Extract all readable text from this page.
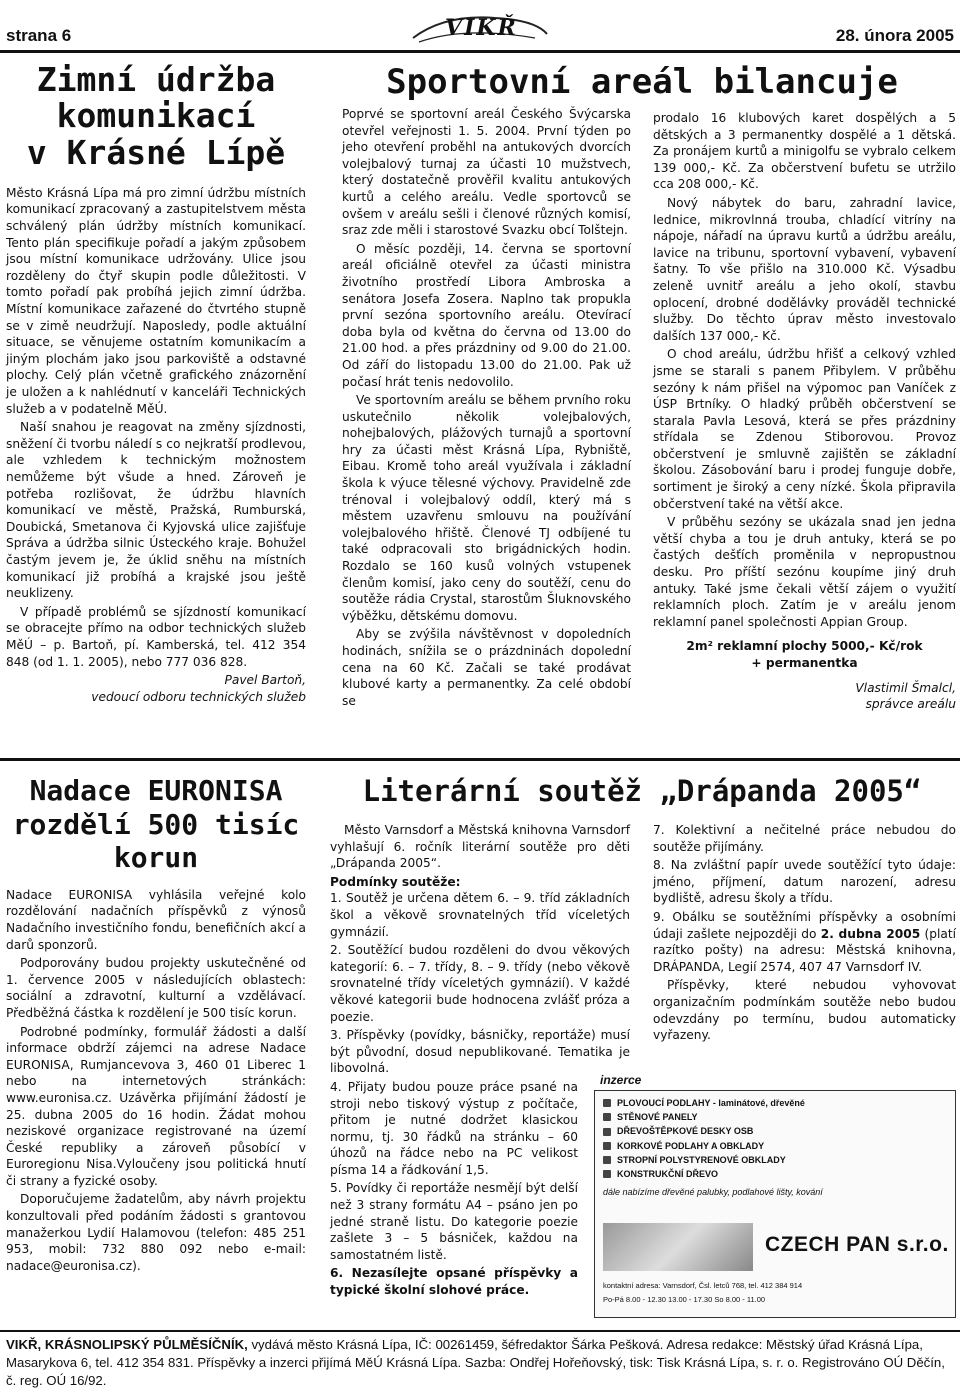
strana 6	VIKŘ	28. února 2005
Zimní údržba
komunikací
v Krásné Lípě

Město Krásná Lípa má pro zimní údržbu místních komunikací zpracovaný a zastupitelstvem města schválený plán údržby místních komunikací. Tento plán specifikuje pořadí a jakým způsobem jsou místní komunikace udržovány. Ulice jsou rozděleny do čtyř skupin podle důležitosti. V tomto pořadí pak probíhá jejich zimní údržba. Místní komunikace zařazené do čtvrtého stupně se v zimě neudržují. Naposledy, podle aktuální situace, se věnujeme ostatním komunikacím a jiným plochám jako jsou parkoviště a odstavné plochy. Celý plán včetně grafického znázornění je uložen a k nahlédnutí v kanceláři Technických služeb a v podatelně MěÚ.

Naší snahou je reagovat na změny sjízdnosti, sněžení či tvorbu náledí s co nejkratší prodlevou, ale vzhledem k technickým možnostem nemůžeme být všude a hned. Zároveň je potřeba rozlišovat, že údržbu hlavních komunikací ve městě, Pražská, Rumburská, Doubická, Smetanova či Kyjovská ulice zajišťuje Správa a údržba silnic Ústeckého kraje. Bohužel častým jevem je, že úklid sněhu na místních komunikací již probíhá a krajské jsou ještě neuklizeny.

V případě problémů se sjízdností komunikací se obracejte přímo na odbor technických služeb MěÚ – p. Bartoň, pí. Kamberská, tel. 412 354 848 (od 1. 1. 2005), nebo 777 036 828.

Pavel Bartoň,
vedoucí odboru technických služeb
Sportovní areál bilancuje

Poprvé se sportovní areál Českého Švýcarska otevřel veřejnosti 1. 5. 2004. První týden po jeho otevření proběhl na antukových dvorcích volejbalový turnaj za účasti 10 mužstvech, který dostatečně prověřil kvalitu antukových kurtů a celého areálu. Vedle sportovců se ovšem v areálu sešli i členové různých komisí, sraz zde měli i starostové Svazku obcí Tolštejn.

O měsíc později, 14. června se sportovní areál oficiálně otevřel za účasti ministra životního prostředí Libora Ambroska a senátora Josefa Zosera. Naplno tak propukla první sezóna sportovního areálu. Otevírací doba byla od května do června od 13.00 do 21.00 hod. a přes prázdniny od 9.00 do 21.00. Od září do listopadu 13.00 do 21.00. Pak už počasí hrát tenis nedovolilo.

Ve sportovním areálu se během prvního roku uskutečnilo několik volejbalových, nohejbalových, plážových turnajů a sportovní hry za účasti měst Krásná Lípa, Rybniště, Eibau. Kromě toho areál využívala i základní škola k výuce tělesné výchovy. Pravidelně zde trénoval i volejbalový oddíl, který má s městem uzavřenu smlouvu na používání volejbalového hřiště. Členové TJ odbíjené tu také odpracovali sto brigádnických hodin. Rozdalo se 160 kusů volných vstupenek členům komisí, jako ceny do soutěží, cenu do soutěže rádia Crystal, starostům Šluknovského výběžku, dětskému domovu.

Aby se zvýšila návštěvnost v dopoledních hodinách, snížila se o prázdninách dopolední cena na 60 Kč. Začali se také prodávat klubové karty a permanentky. Za celé období se

prodalo 16 klubových karet dospělých a 5 dětských a 3 permanentky dospělé a 1 dětská. Za pronájem kurtů a minigolfu se vybralo celkem 139 000,- Kč. Za občerstvení bufetu se utržilo cca 208 000,- Kč.

Nový nábytek do baru, zahradní lavice, lednice, mikrovlnná trouba, chladící vitríny na nápoje, nářadí na úpravu kurtů a údržbu areálu, lavice na tribunu, sportovní vybavení, vybavení šatny. To vše přišlo na 310.000 Kč. Výsadbu zeleně uvnitř areálu a jeho okolí, stavbu oplocení, drobné dodělávky prováděl technické služby. Do těchto úprav město investovalo dalších 137 000,- Kč.

O chod areálu, údržbu hřišť a celkový vzhled jsme se starali s panem Přibylem. V průběhu sezóny k nám přišel na výpomoc pan Vaníček z ÚSP Brtníky. O hladký průběh občerstvení se starala Pavla Lesová, která se přes prázdniny střídala se Zdenou Stiborovou. Provoz občerstvení je smluvně zajištěn se základní školou. Zásobování baru i prodej funguje dobře, sortiment je široký a ceny nízké. Škola připravila občerstvení také na větší akce.

V průběhu sezóny se ukázala snad jen jedna větší chyba a tou je druh antuky, která se po častých dešťích proměnila v nepropustnou desku. Pro příští sezónu koupíme jiný druh antuky. Také jsme čekali větší zájem o využití reklamních ploch. Zatím je v areálu jenom reklamní panel společnosti Appian Group.

2m² reklamní plochy 5000,- Kč/rok
+ permanentka
Vlastimil Šmalcl,
správce areálu
Nadace EURONISA
rozdělí 500 tisíc
korun

Nadace EURONISA vyhlásila veřejné kolo rozdělování nadačních příspěvků z výnosů Nadačního investičního fondu, benefičních akcí a darů sponzorů.

Podporovány budou projekty uskutečněné od 1. července 2005 v následujících oblastech: sociální a zdravotní, kulturní a vzdělávací. Předběžná částka k rozdělení je 500 tisíc korun.

Podrobné podmínky, formulář žádosti a další informace obdrží zájemci na adrese Nadace EURONISA, Rumjancevova 3, 460 01 Liberec 1 nebo na internetových stránkách: www.euronisa.cz. Uzávěrka přijímání žádostí je 25. dubna 2005 do 16 hodin. Žádat mohou neziskové organizace registrované na území České republiky a zároveň působící v Euroregionu Nisa.Vyloučeny jsou politická hnutí či strany a fyzické osoby.

Doporučujeme žadatelům, aby návrh projektu konzultovali před podáním žádosti s grantovou manažerkou Lydií Halamovou (telefon: 485 251 953, mobil: 732 880 092 nebo e-mail: nadace@euronisa.cz).

Literární soutěž „Drápanda 2005“

Město Varnsdorf a Městská knihovna Varnsdorf vyhlašují 6. ročník literární soutěže pro děti „Drápanda 2005“.

Podmínky soutěže:

1. Soutěž je určena dětem 6. – 9. tříd základních škol a věkově srovnatelných tříd víceletých gymnázií.

2. Soutěžící budou rozděleni do dvou věkových kategorií: 6. – 7. třídy, 8. – 9. třídy (nebo věkově srovnatelné třídy víceletých gymnázií). V každé věkové kategorii bude hodnocena zvlášť próza a poezie.

3. Příspěvky (povídky, básničky, reportáže) musí být původní, dosud nepublikované. Tematika je libovolná.

4. Přijaty budou pouze práce psané na stroji nebo tiskový výstup z počítače, přitom je nutné dodržet klasickou normu, tj. 30 řádků na stránku – 60 úhozů na řádce nebo na PC velikost písma 14 a řádkování 1,5.

5. Povídky či reportáže nesmějí být delší než 3 strany formátu A4 – psáno jen po jedné straně listu. Do kategorie poezie zašlete 3 – 5 básniček, každou na samostatném listě.

6. Nezasílejte opsané příspěvky a typické školní slohové práce.

7. Kolektivní a nečitelné práce nebudou do soutěže přijímány.

8. Na zvláštní papír uvede soutěžící tyto údaje: jméno, příjmení, datum narození, adresu bydliště, adresu školy a třídu.

9. Obálku se soutěžními příspěvky a osobními údaji zašlete nejpozději do 2. dubna 2005 (platí razítko pošty) na adresu: Městská knihovna, DRÁPANDA, Legií 2574, 407 47 Varnsdorf IV.

Příspěvky, které nebudou vyhovovat organizačním podmínkám soutěže nebo budou odevzdány po termínu, budou automaticky vyřazeny.

inzerce
PLOVOUCÍ PODLAHY - laminátové, dřevěné
STĚNOVÉ PANELY
DŘEVOŠTĚPKOVÉ DESKY OSB
KORKOVÉ PODLAHY A OBKLADY
STROPNÍ POLYSTYRENOVÉ OBKLADY
KONSTRUKČNÍ DŘEVO
dále nabízíme dřevěné palubky, podlahové lišty, kování
CZECH PAN s.r.o.
kontaktní adresa: Varnsdorf, Čsl. letců 768, tel. 412 384 914
Po-Pá 8.00 - 12.30 13.00 - 17.30 So 8.00 - 11.00
VIKŘ, KRÁSNOLIPSKÝ PŮLMĚSÍČNÍK, vydává město Krásná Lípa, IČ: 00261459, šéfredaktor Šárka Pešková. Adresa redakce: Městský úřad Krásná Lípa, Masarykova 6, tel. 412 354 831. Příspěvky a inzerci přijímá MěÚ Krásná Lípa. Sazba: Ondřej Hořeňovský, tisk: Tisk Krásná Lípa, s. r. o. Registrováno OÚ Děčín, č. reg. OÚ 16/92.
